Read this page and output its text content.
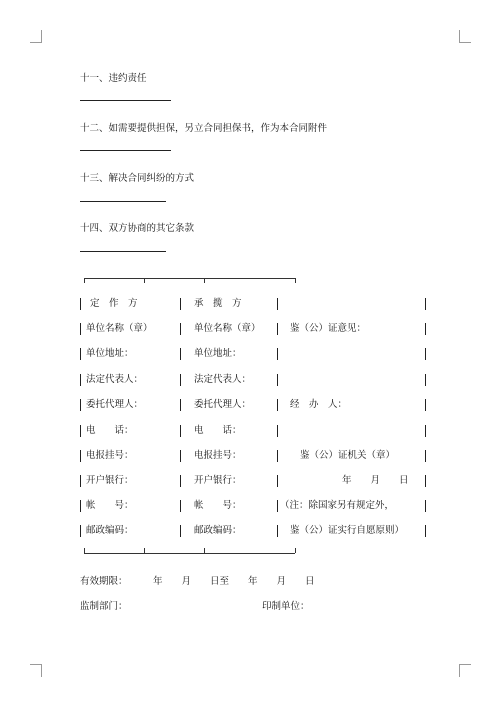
十一、违约责任
十二、如需要提供担保，另立合同担保书，作为本合同附件
十三、解决合同纠纷的方式
十四、双方协商的其它条款
定　作　方	承　揽　方
单位名称（章）	单位名称（章）	鉴（公）证意见：
单位地址：	单位地址：
法定代表人：	法定代表人：
委托代理人：	委托代理人：	经　办　人：
电　　话：	电　　话：
电报挂号：	电报挂号：	鉴（公）证机关（章）
开户银行：	开户银行：	年　　月　　日
帐　　号：	帐　　号：	（注：除国家另有规定外，
邮政编码：	邮政编码：	鉴（公）证实行自愿原则）
有效期限：	年　　月　　日至　　年　　月　　日
监制部门：	印制单位：
